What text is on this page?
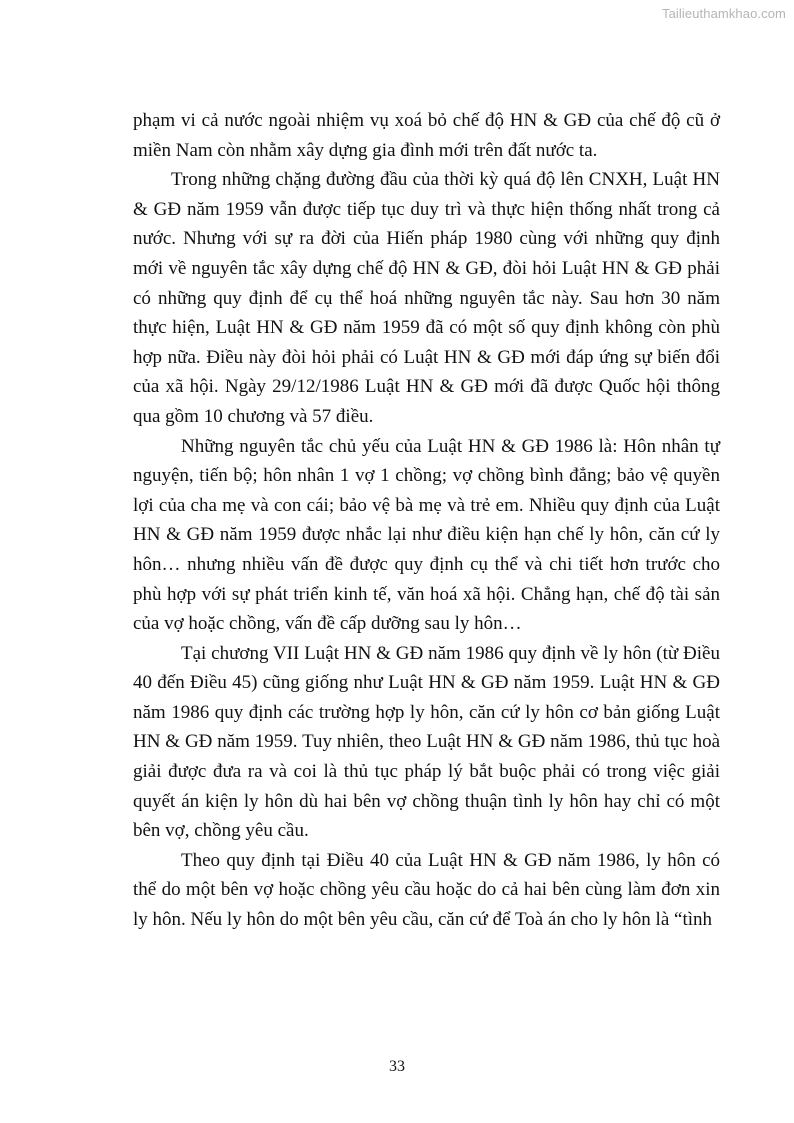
Tailieuthamkhao.com

phạm vi cả nước ngoài nhiệm vụ xoá bỏ chế độ HN & GĐ của chế độ cũ ở miền Nam còn nhằm xây dựng gia đình mới trên đất nước ta.

Trong những chặng đường đầu của thời kỳ quá độ lên CNXH, Luật HN & GĐ năm 1959 vẫn được tiếp tục duy trì và thực hiện thống nhất trong cả nước. Nhưng với sự ra đời của Hiến pháp 1980 cùng với những quy định mới về nguyên tắc xây dựng chế độ HN & GĐ, đòi hỏi Luật HN & GĐ phải có những quy định để cụ thể hoá những nguyên tắc này. Sau hơn 30 năm thực hiện, Luật HN & GĐ năm 1959 đã có một số quy định không còn phù hợp nữa. Điều này đòi hỏi phải có Luật HN & GĐ mới đáp ứng sự biến đổi của xã hội. Ngày 29/12/1986 Luật HN & GĐ mới đã được Quốc hội thông qua gồm 10 chương và 57 điều.

Những nguyên tắc chủ yếu của Luật HN & GĐ 1986 là: Hôn nhân tự nguyện, tiến bộ; hôn nhân 1 vợ 1 chồng; vợ chồng bình đẳng; bảo vệ quyền lợi của cha mẹ và con cái; bảo vệ bà mẹ và trẻ em. Nhiều quy định của Luật HN & GĐ năm 1959 được nhắc lại như điều kiện hạn chế ly hôn, căn cứ ly hôn… nhưng nhiều vấn đề được quy định cụ thể và chi tiết hơn trước cho phù hợp với sự phát triển kinh tế, văn hoá xã hội. Chẳng hạn, chế độ tài sản của vợ hoặc chồng, vấn đề cấp dưỡng sau ly hôn…

Tại chương VII Luật HN & GĐ năm 1986 quy định về ly hôn (từ Điều 40 đến Điều 45) cũng giống như Luật HN & GĐ năm 1959. Luật HN & GĐ năm 1986 quy định các trường hợp ly hôn, căn cứ ly hôn cơ bản giống Luật HN & GĐ năm 1959. Tuy nhiên, theo Luật HN & GĐ năm 1986, thủ tục hoà giải được đưa ra và coi là thủ tục pháp lý bắt buộc phải có trong việc giải quyết án kiện ly hôn dù hai bên vợ chồng thuận tình ly hôn hay chỉ có một bên vợ, chồng yêu cầu.

Theo quy định tại Điều 40 của Luật HN & GĐ năm 1986, ly hôn có thể do một bên vợ hoặc chồng yêu cầu hoặc do cả hai bên cùng làm đơn xin ly hôn. Nếu ly hôn do một bên yêu cầu, căn cứ để Toà án cho ly hôn là “tình

33
